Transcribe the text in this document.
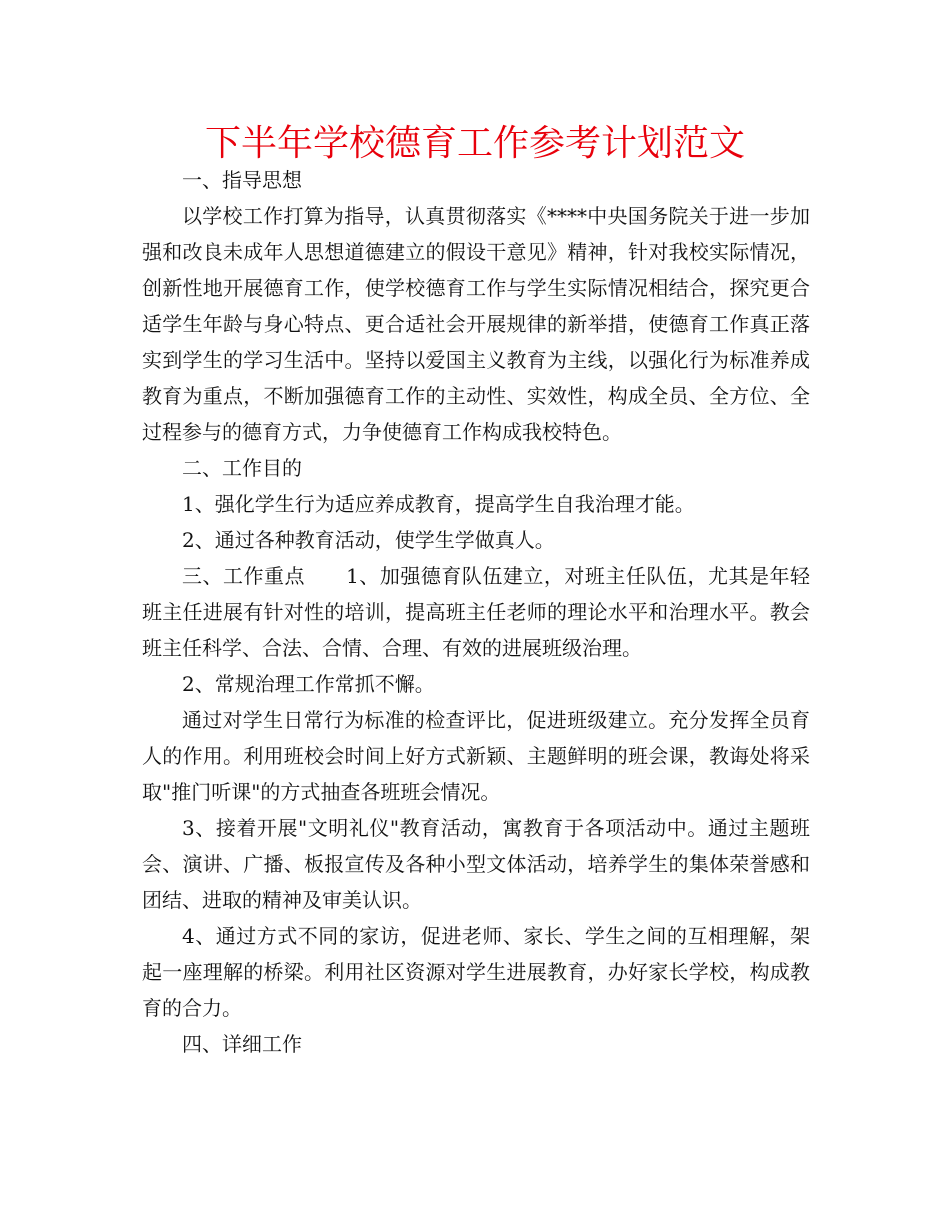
下半年学校德育工作参考计划范文

一、指导思想

以学校工作打算为指导，认真贯彻落实《****中央国务院关于进一步加强和改良未成年人思想道德建立的假设干意见》精神，针对我校实际情况，创新性地开展德育工作，使学校德育工作与学生实际情况相结合，探究更合适学生年龄与身心特点、更合适社会开展规律的新举措，使德育工作真正落实到学生的学习生活中。坚持以爱国主义教育为主线，以强化行为标准养成教育为重点，不断加强德育工作的主动性、实效性，构成全员、全方位、全过程参与的德育方式，力争使德育工作构成我校特色。

二、工作目的

1、强化学生行为适应养成教育，提高学生自我治理才能。

2、通过各种教育活动，使学生学做真人。

三、工作重点　　1、加强德育队伍建立，对班主任队伍，尤其是年轻班主任进展有针对性的培训，提高班主任老师的理论水平和治理水平。教会班主任科学、合法、合情、合理、有效的进展班级治理。

2、常规治理工作常抓不懈。

通过对学生日常行为标准的检查评比，促进班级建立。充分发挥全员育人的作用。利用班校会时间上好方式新颖、主题鲜明的班会课，教诲处将采取"推门听课"的方式抽查各班班会情况。

3、接着开展"文明礼仪"教育活动，寓教育于各项活动中。通过主题班会、演讲、广播、板报宣传及各种小型文体活动，培养学生的集体荣誉感和团结、进取的精神及审美认识。

4、通过方式不同的家访，促进老师、家长、学生之间的互相理解，架起一座理解的桥梁。利用社区资源对学生进展教育，办好家长学校，构成教育的合力。

四、详细工作
